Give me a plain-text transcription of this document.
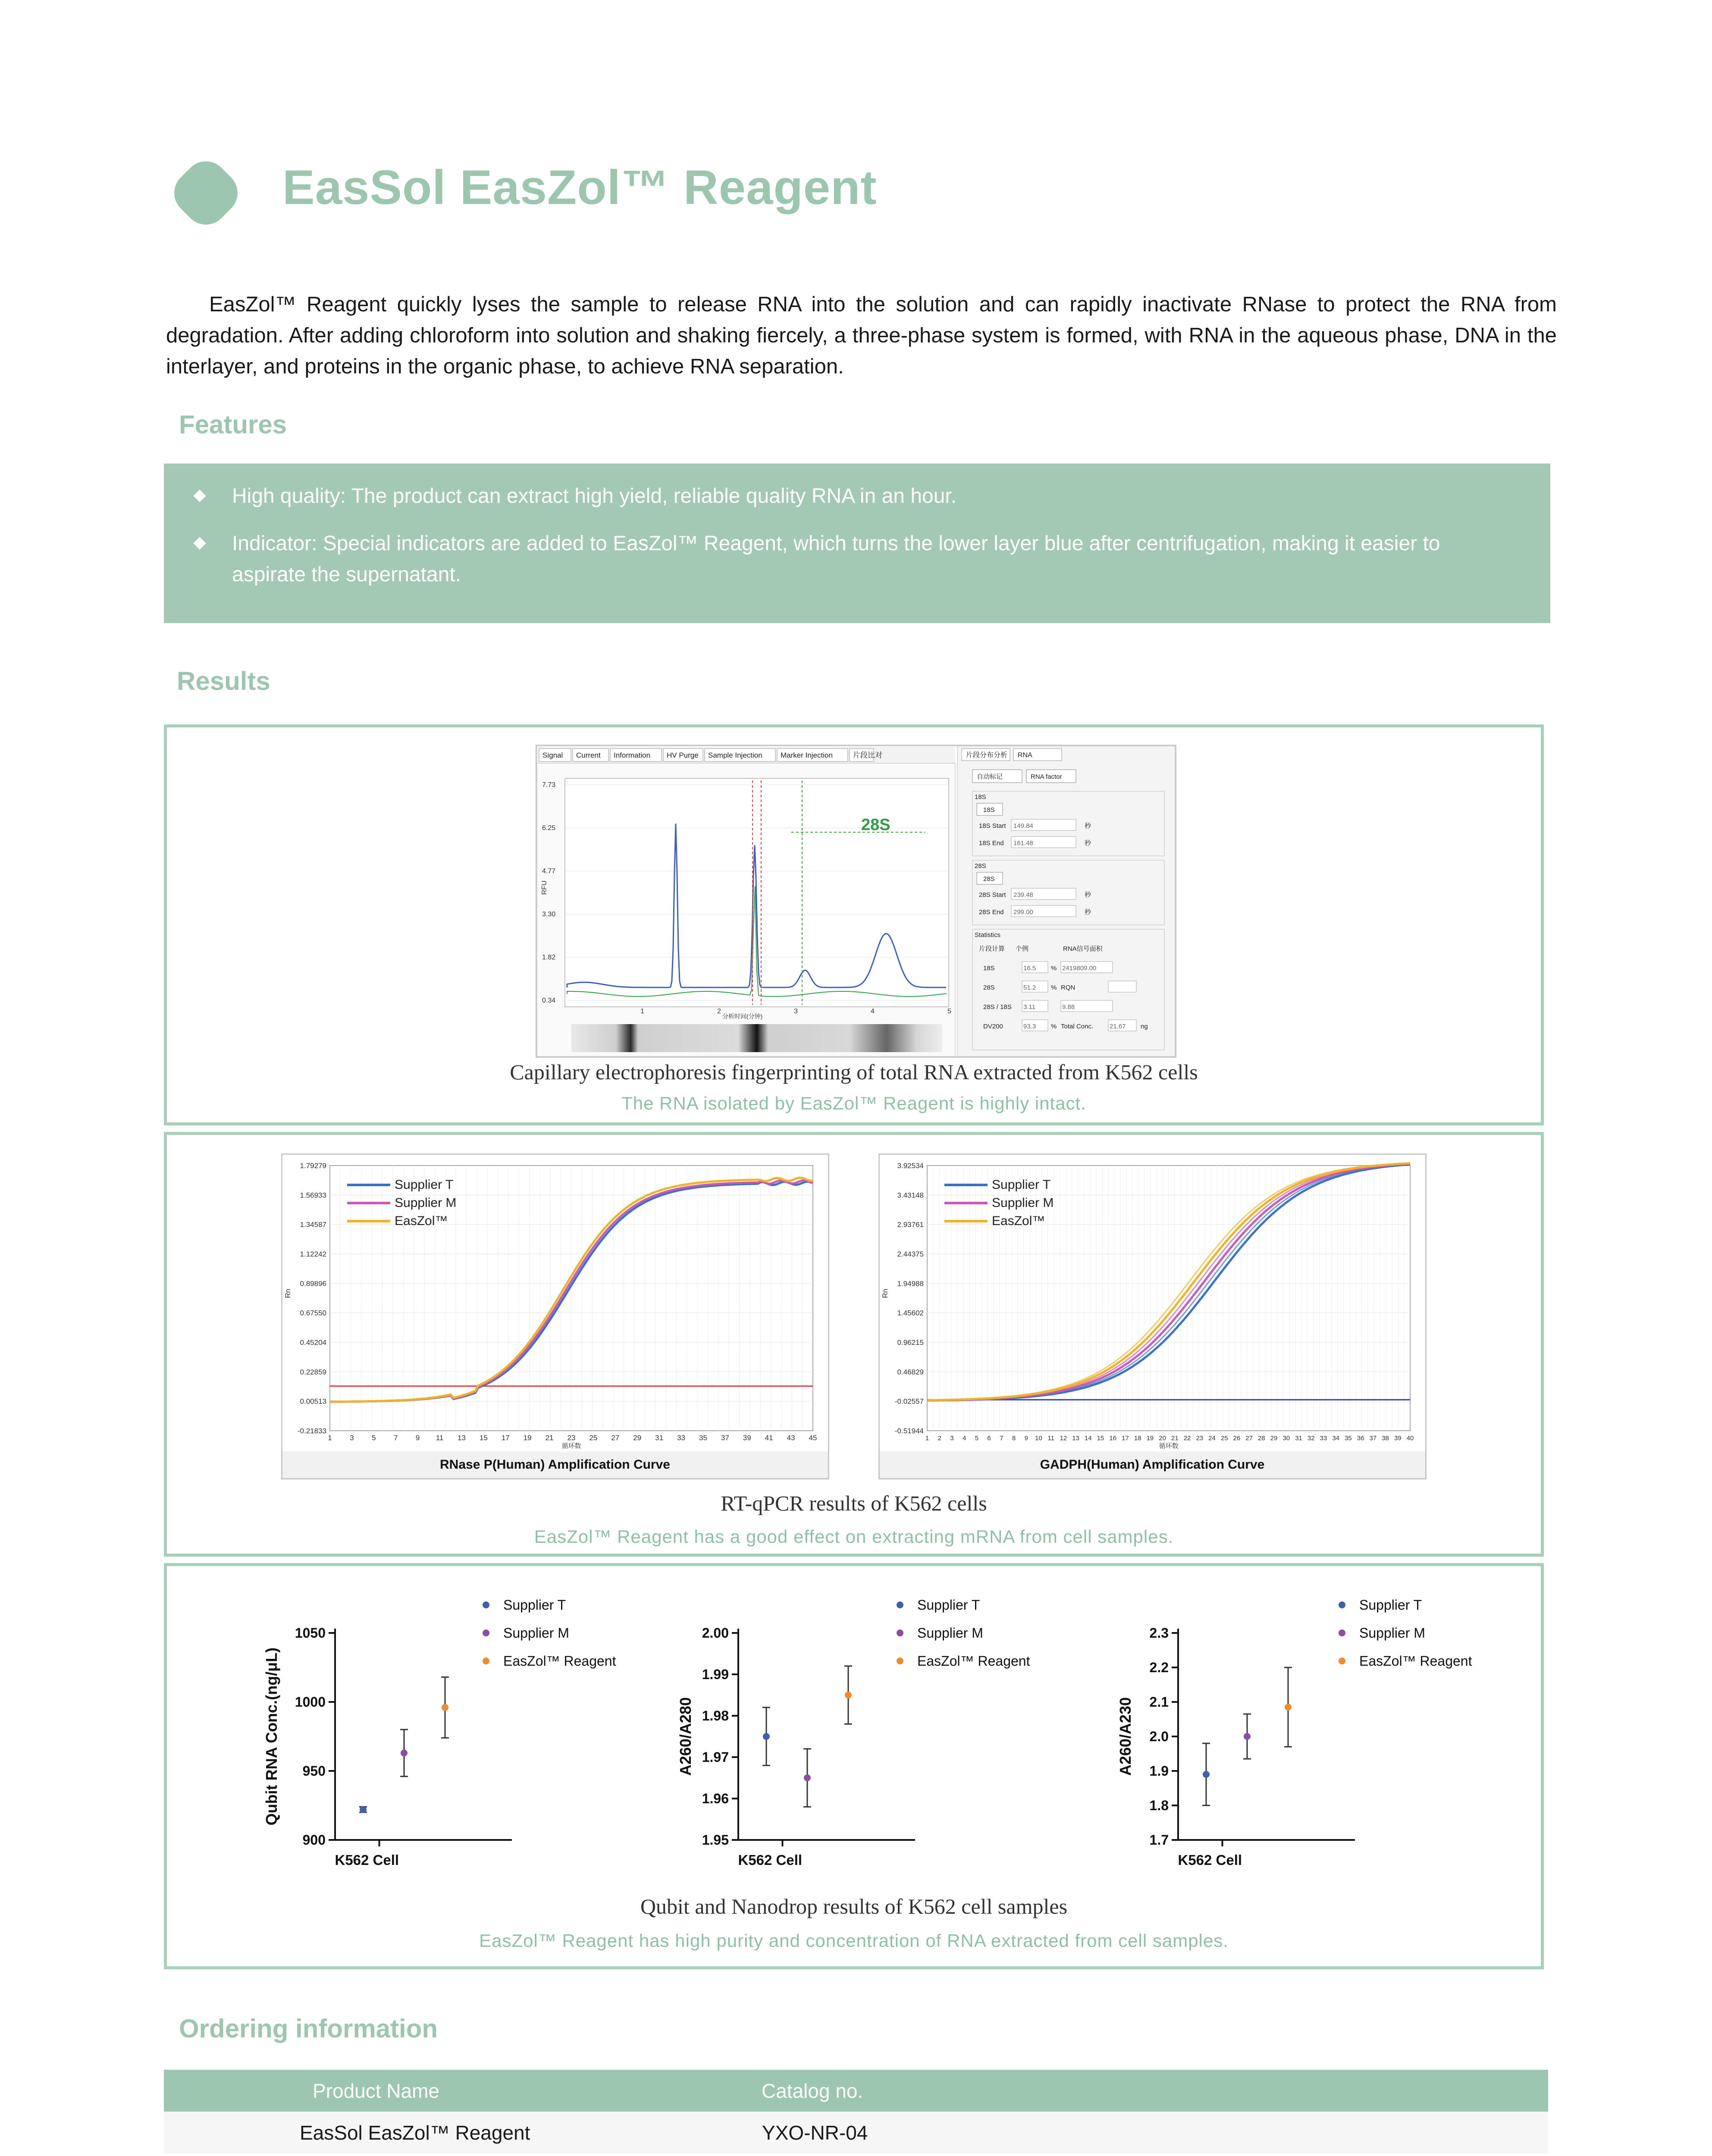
EasSol EasZol™ Reagent

EasZol™ Reagent quickly lyses the sample to release RNA into the solution and can rapidly inactivate RNase to protect the RNA from degradation. After adding chloroform into solution and shaking fiercely, a three-phase system is formed, with RNA in the aqueous phase, DNA in the interlayer, and proteins in the organic phase, to achieve RNA separation.

Features
High quality: The product can extract high yield, reliable quality RNA in an hour.
Indicator: Special indicators are added to EasZol™ Reagent, which turns the lower layer blue after centrifugation, making it easier to aspirate the supernatant.
Results
Signal Current Information HV Purge Sample Injection Marker Injection	片段比对
7.73
6.25
4.77
3.30
1.82
0.34
1	2	3	4	5
RFU
分析时间(分钟)
28S
片段分布分析 RNA
自动标记	RNA factor
18S
18S
18S Start 149.84	秒
18S End 161.48	秒
28S
28S
28S Start 239.48	秒
28S End 299.00	秒
Statistics
片段计算 个例	RNA信号面积
18S	16.5 % 2419809.00
28S	51.2 % RQN
28S / 18S 3.11	9.88
DV200	93.3 % Total Conc.	21.67 ng
Capillary electrophoresis fingerprinting of total RNA extracted from K562 cells
The RNA isolated by EasZol™ Reagent is highly intact.
1.79279
1.56933
1.34587
1.12242
0.89896
0.67550
0.45204
0.22859
0.00513
-0.21833
1 3 5 7 9 11 13 15 17 19 21 23 25 27 29 31 33 35 37 39 41 43 45
Rn
循环数
Supplier T
Supplier M
EasZol™
RNase P(Human) Amplification Curve
3.92534
3.43148
2.93761
2.44375
1.94988
1.45602
0.96215
0.46829
-0.02557
-0.51944
1 2 3 4 5 6 7 8 9 10 11 12 13 14 15 16 17 18 19 20 21 22 23 24 25 26 27 28 29 30 31 32 33 34 35 36 37 38 39 40
Rn
循环数
Supplier T
Supplier M
EasZol™
GADPH(Human) Amplification Curve
RT-qPCR results of K562 cells
EasZol™ Reagent has a good effect on extracting mRNA from cell samples.
900
950
1000
1050
K562 Cell
Qubit RNA Conc.(ng/μL)
Supplier T
Supplier M
EasZol™ Reagent
1.95
1.96
1.97
1.98
1.99
2.00
K562 Cell
A260/A280
Supplier T
Supplier M
EasZol™ Reagent
1.7
1.8
1.9
2.0
2.1
2.2
2.3
K562 Cell
A260/A230
Supplier T
Supplier M
EasZol™ Reagent
Qubit and Nanodrop results of K562 cell samples
EasZol™ Reagent has high purity and concentration of RNA extracted from cell samples.
Ordering information
Product Name	Catalog no.
EasSol EasZol™ Reagent	YXO-NR-04
